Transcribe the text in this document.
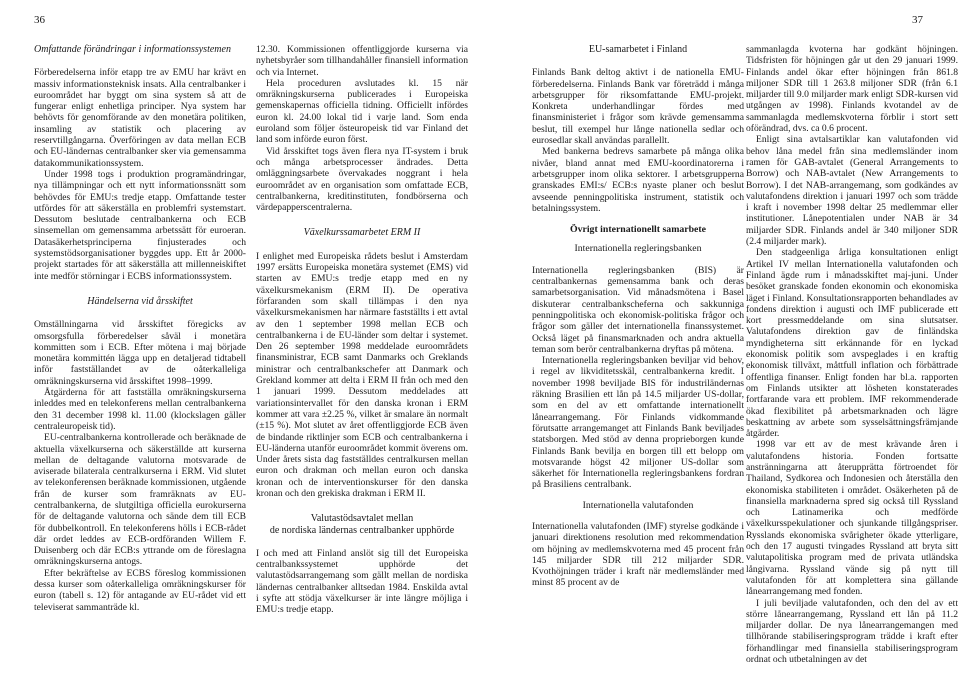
36	37
Omfattande förändringar i informationssystemen

Förberedelserna inför etapp tre av EMU har krävt en massiv informationsteknisk insats. Alla centralbanker i euroområdet har byggt om sina system så att de fungerar enligt enhetliga principer. Nya system har behövts för genomförande av den monetära politiken, insamling av statistik och placering av reservtillgångarna. Överföringen av data mellan ECB och EU-ländernas centralbanker sker via gemensamma datakommunikationssystem.

Under 1998 togs i produktion programändringar, nya tillämpningar och ett nytt informationssnätt som behövdes för EMU:s tredje etapp. Omfattande tester utfördes för att säkerställa en problemfri systemstart. Dessutom beslutade centralbankerna och ECB sinsemellan om gemensamma arbetssätt för euroeran. Datasäkerhetsprinciperna finjusterades och systemstödsorganisationer byggdes upp. Ett år 2000-projekt startades för att säkerställa att millenneiskiftet inte medför störningar i ECBS informationssystem.

Händelserna vid årsskiftet

Omställningarna vid årsskiftet föregicks av omsorgsfulla förberedelser såväl i monetära kommitten som i ECB. Efter mötena i maj började monetära kommittén lägga upp en detaljerad tidtabell inför fastställandet av de oåterkalleliga omräkningskurserna vid årsskiftet 1998–1999.

Åtgärderna för att fastställa omräkningskurserna inleddes med en telekonferens mellan centralbankerna den 31 december 1998 kl. 11.00 (klockslagen gäller centraleuropeisk tid).

EU-centralbankerna kontrollerade och beräknade de aktuella växelkurserna och säkerställde att kurserna mellan de deltagande valutorna motsvarade de aviserade bilaterala centralkurserna i ERM. Vid slutet av telekonferensen beräknade kommissionen, utgående från de kurser som framräknats av EU-centralbankerna, de slutgiltiga officiella eurokurserna för de deltagande valutorna och sände dem till ECB för dubbelkontroll. En telekonferens hölls i ECB-rådet där ordet leddes av ECB-ordföranden Willem F. Duisenberg och där ECB:s yttrande om de föreslagna omräkningskurserna antogs.

Efter bekräftelse av ECBS föreslog kommissionen dessa kurser som oåterkalleliga omräkningskurser för euron (tabell s. 12) för antagande av EU-rådet vid ett televiserat sammanträde kl.

12.30. Kommissionen offentliggjorde kurserna via nyhetsbyråer som tillhandahåller finansiell information och via Internet.

Hela proceduren avslutades kl. 15 när omräkningskurserna publicerades i Europeiska gemenskapernas officiella tidning. Officiellt infördes euron kl. 24.00 lokal tid i varje land. Som enda euroland som följer östeuropeisk tid var Finland det land som införde euron först.

Vid årsskiftet togs även flera nya IT-system i bruk och många arbetsprocesser ändrades. Detta omläggningsarbete övervakades noggrant i hela euroområdet av en organisation som omfattade ECB, centralbankerna, kreditinstituten, fondbörserna och värdepapperscentralerna.

Växelkurssamarbetet ERM II

I enlighet med Europeiska rådets beslut i Amsterdam 1997 ersätts Europeiska monetära systemet (EMS) vid starten av EMU:s tredje etapp med en ny växelkursmekanism (ERM II). De operativa förfaranden som skall tillämpas i den nya växelkursmekanismen har närmare fastställts i ett avtal av den 1 september 1998 mellan ECB och centralbankerna i de EU-länder som deltar i systemet. Den 26 september 1998 meddelade euroområdets finansministrar, ECB samt Danmarks och Greklands ministrar och centralbankschefer att Danmark och Grekland kommer att delta i ERM II från och med den 1 januari 1999. Dessutom meddelades att variationsintervallet för den danska kronan i ERM kommer att vara ±2.25 %, vilket är smalare än normalt (±15 %). Mot slutet av året offentliggjorde ECB även de bindande riktlinjer som ECB och centralbankerna i EU-länderna utanför euroområdet kommit överens om. Under årets sista dag fastställdes centralkursen mellan euron och drakman och mellan euron och danska kronan och de interventionskurser för den danska kronan och den grekiska drakman i ERM II.

Valutastödsavtalet mellan
de nordiska ländernas centralbanker upphörde

I och med att Finland anslöt sig till det Europeiska centralbankssystemet upphörde det valutastödsarrangemang som gällt mellan de nordiska ländernas centralbanker alltsedan 1984. Enskilda avtal i syfte att stödja växelkurser är inte längre möjliga i EMU:s tredje etapp.

EU-samarbetet i Finland

Finlands Bank deltog aktivt i de nationella EMU-förberedelserna. Finlands Bank var företrädd i många arbetsgrupper för riksomfattande EMU-projekt. Konkreta underhandlingar fördes med finansministeriet i frågor som krävde gemensamma beslut, till exempel hur långe nationella sedlar och eurosedlar skall användas parallellt.

Med bankerna bedrevs samarbete på många olika nivåer, bland annat med EMU-koordinatorerna i arbetsgrupper inom olika sektorer. I arbetsgrupperna granskades EMI:s/ ECB:s nyaste planer och beslut avseende penningpolitiska instrument, statistik och betalningssystem.

Övrigt internationellt samarbete
Internationella regleringsbanken

Internationella regleringsbanken (BIS) är centralbankernas gemensamma bank och deras samarbetsorganisation. Vid månadsmötena i Basel diskuterar centralbankscheferna och sakkunniga penningpolitiska och ekonomisk-politiska frågor och frågor som gäller det internationella finanssystemet. Också läget på finansmarknaden och andra aktuella teman som berör centralbankerna dryftas på mötena.

Internationella regleringsbanken beviljar vid behov, i regel av likviditetsskäl, centralbankerna kredit. I november 1998 beviljade BIS för industriländernas räkning Brasilien ett lån på 14.5 miljarder US-dollar, som en del av ett omfattande internationellt lånearrangemang. För Finlands vidkommande förutsatte arrangemanget att Finlands Bank beviljades statsborgen. Med stöd av denna proprieborgen kunde Finlands Bank bevilja en borgen till ett belopp om motsvarande högst 42 miljoner US-dollar som säkerhet för Internationella regleringsbankens fordran på Brasiliens centralbank.

Internationella valutafonden

Internationella valutafonden (IMF) styrelse godkände i januari direktionens resolution med rekommendation om höjning av medlemskvoterna med 45 procent från 145 miljarder SDR till 212 miljarder SDR. Kvothöjningen träder i kraft när medlemsländer med minst 85 procent av de

sammanlagda kvoterna har godkänt höjningen. Tidsfristen för höjningen går ut den 29 januari 1999. Finlands andel ökar efter höjningen från 861.8 miljoner SDR till 1 263.8 miljoner SDR (från 6.1 miljarder till 9.0 miljarder mark enligt SDR-kursen vid utgången av 1998). Finlands kvotandel av de sammanlagda medlemskvoterna förblir i stort sett oförändrad, dvs. ca 0.6 procent.

Enligt sina avtalsartiklar kan valutafonden vid behov låna medel från sina medlemsländer inom ramen för GAB-avtalet (General Arrangements to Borrow) och NAB-avtalet (New Arrangements to Borrow). I det NAB-arrangemang, som godkändes av valutafondens direktion i januari 1997 och som trädde i kraft i november 1998 deltar 25 medlemmar eller institutioner. Lånepotentialen under NAB är 34 miljarder SDR. Finlands andel är 340 miljoner SDR (2.4 miljarder mark).

Den stadgeenliga årliga konsultationen enligt Artikel IV mellan Internationella valutafonden och Finland ägde rum i månadsskiftet maj-juni. Under besöket granskade fonden ekonomin och ekonomiska läget i Finland. Konsultationsrapporten behandlades av fondens direktion i augusti och IMF publicerade ett kort pressmeddelande om sina slutsatser. Valutafondens direktion gav de finländska myndigheterna sitt erkännande för en lyckad ekonomisk politik som avspeglades i en kraftig ekonomisk tillväxt, måttfull inflation och förbättrade offentliga finanser. Enligt fonden har bl.a. rapporten om Finlands utsikter att lösheten konstaterades fortfarande vara ett problem. IMF rekommenderade ökad flexibilitet på arbetsmarknaden och lägre beskattning av arbete som sysselsättningsfrämjande åtgärder.

1998 var ett av de mest krävande åren i valutafondens historia. Fonden fortsatte anstränningarna att återupprätta förtroendet för Thailand, Sydkorea och Indonesien och återställa den ekonomiska stabiliteten i området. Osäkerheten på de finansiella marknaderna spred sig också till Ryssland och Latinamerika och medförde växelkursspekulationer och sjunkande tillgångspriser. Rysslands ekonomiska svårigheter ökade ytterligare, och den 17 augusti tvingades Ryssland att bryta sitt valutapolitiska program med de privata utländska långivarna. Ryssland vände sig på nytt till valutafonden för att komplettera sina gällande lånearrangemang med fonden.

I juli beviljade valutafonden, och den del av ett större lånearrangemang, Ryssland ett lån på 11.2 miljarder dollar. De nya lånearrangemangen med tillhörande stabiliseringsprogram trädde i kraft efter förhandlingar med finansiella stabiliseringsprogram ordnat och utbetalningen av det
